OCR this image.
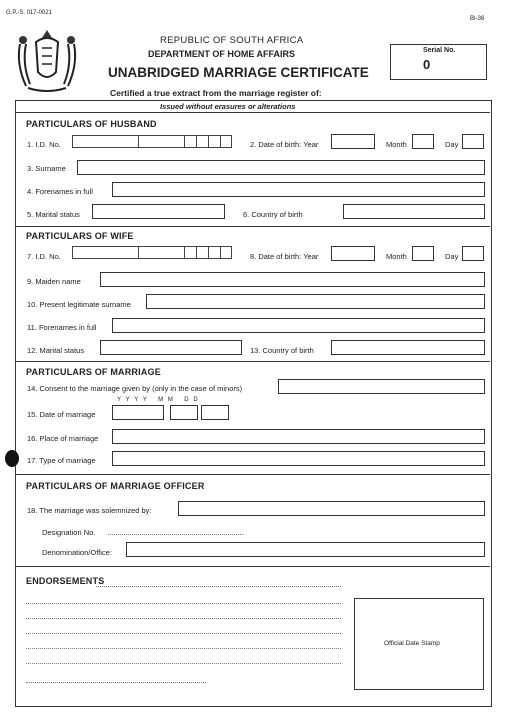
G.P.-S. 017-0021
BI-36
REPUBLIC OF SOUTH AFRICA
DEPARTMENT OF HOME AFFAIRS
UNABRIDGED MARRIAGE CERTIFICATE
Serial No.
0
Certified a true extract from the marriage register of:
Issued without erasures or alterations
PARTICULARS OF HUSBAND
1. I.D. No.	2. Date of birth: Year	Month	Day
3. Surname
4. Forenames in full
5. Marital status	6. Country of birth
PARTICULARS OF WIFE
7. I.D. No.	8. Date of birth: Year	Month	Day
9. Maiden name
10. Present legitimate surname
11. Forenames in full
12. Marital status	13. Country of birth
PARTICULARS OF MARRIAGE
14. Consent to the marriage given by (only in the case of minors)
Y  Y  Y  Y     M  M     D  D
15. Date of marriage
16. Place of marriage
17. Type of marriage
PARTICULARS OF MARRIAGE OFFICER
18. The marriage was solemnized by:
Designation No.
Denomination/Office:
ENDORSEMENTS
Official Date Stamp
